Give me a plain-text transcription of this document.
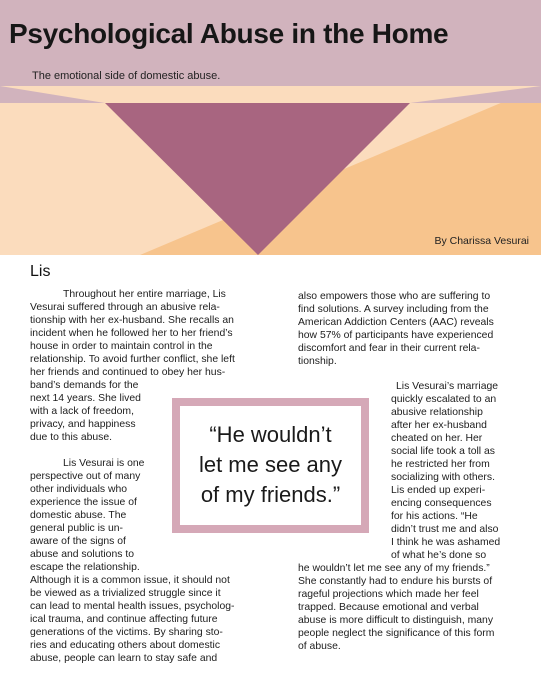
Psychological Abuse in the Home
The emotional side of domestic abuse.
By Charissa Vesurai
Lis
Throughout her entire marriage, Lis
Vesurai suffered through an abusive rela-
tionship with her ex-husband. She recalls an
incident when he followed her to her friend’s
house in order to maintain control in the
relationship. To avoid further conflict, she left
her friends and continued to obey her hus-
band’s demands for the
next 14 years. She lived
with a lack of freedom,
privacy, and happiness
due to this abuse.
Lis Vesurai is one
perspective out of many
other individuals who
experience the issue of
domestic abuse. The
general public is un-
aware of the signs of
abuse and solutions to
escape the relationship.
Although it is a common issue, it should not
be viewed as a trivialized struggle since it
can lead to mental health issues, psycholog-
ical trauma, and continue affecting future
generations of the victims. By sharing sto-
ries and educating others about domestic
abuse, people can learn to stay safe and
also empowers those who are suffering to
find solutions. A survey including from the
American Addiction Centers (AAC) reveals
how 57% of participants have experienced
discomfort and fear in their current rela-
tionship.
Lis Vesurai’s marriage
quickly escalated to an
abusive relationship
after her ex-husband
cheated on her. Her
social life took a toll as
he restricted her from
socializing with others.
Lis ended up experi-
encing consequences
for his actions. “He
didn’t trust me and also
I think he was ashamed
of what he’s done so
he wouldn’t let me see any of my friends.”
She constantly had to endure his bursts of
rageful projections which made her feel
trapped. Because emotional and verbal
abuse is more difficult to distinguish, many
people neglect the significance of this form
of abuse.
“He wouldn’t
let me see any
of my friends.”
